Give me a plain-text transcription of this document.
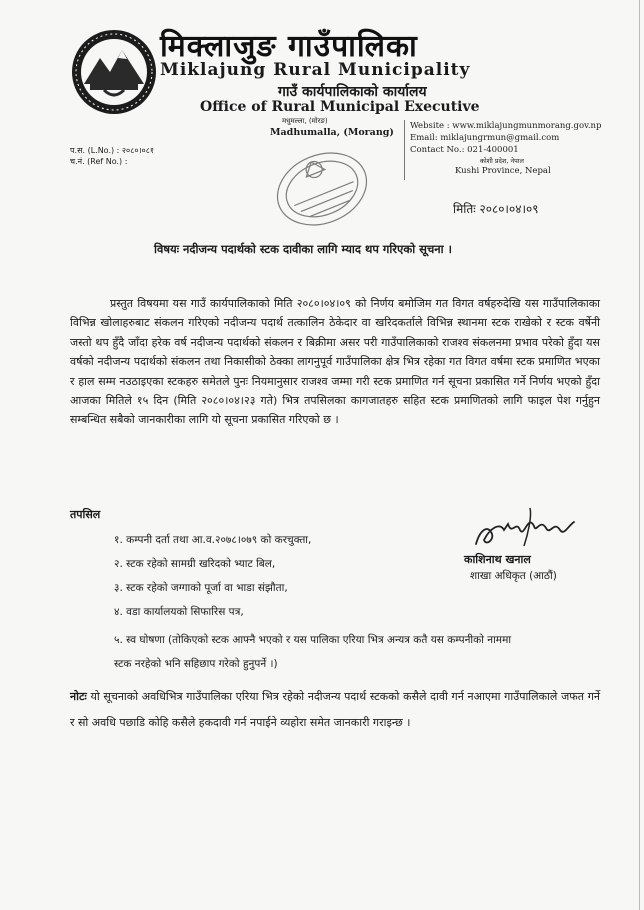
मिक्लाजुङ गाउँपालिका
Miklajung Rural Municipality
गाउँ कार्यपालिकाको कार्यालय
Office of Rural Municipal Executive
मधुमल्ला, (मोरङ)
Madhumalla, (Morang)
Website : www.miklajungmunmorang.gov.np
Email: miklajungrmun@gmail.com
Contact No.: 021-400001
कोशी प्रदेश, नेपाल
Kushi Province, Nepal
प.स. (L.No.) : २०८०।०८१
च.नं. (Ref No.) :
मितिः २०८०।०४।०९
विषयः नदीजन्य पदार्थको स्टक दावीका लागि म्याद थप गरिएको सूचना ।
प्रस्तुत विषयमा यस गाउँ कार्यपालिकाको मिति २०८०।०४।०९ को निर्णय बमोजिम गत विगत वर्षहरुदेखि यस गाउँपालिकाका विभिन्न खोलाहरुबाट संकलन गरिएको नदीजन्य पदार्थ तत्कालिन ठेकेदार वा खरिदकर्ताले विभिन्न स्थानमा स्टक राखेको र स्टक वर्षेनी जस्तो थप हुँदै जाँदा हरेक वर्ष नदीजन्य पदार्थको संकलन र बिक्रीमा असर परी गाउँपालिकाको राजश्व संकलनमा प्रभाव परेको हुँदा यस वर्षको नदीजन्य पदार्थको संकलन तथा निकासीको ठेक्का लागनुपूर्व गाउँपालिका क्षेत्र भित्र रहेका गत विगत वर्षमा स्टक प्रमाणित भएका र हाल सम्म नउठाइएका स्टकहरु समेतले पुनः नियमानुसार राजश्व जम्मा गरी स्टक प्रमाणित गर्न सूचना प्रकासित गर्ने निर्णय भएको हुँदा आजका मितिले १५ दिन (मिति २०८०।०४।२३ गते) भित्र तपसिलका कागजातहरु सहित स्टक प्रमाणितको लागि फाइल पेश गर्नुहुन सम्बन्धित सबैको जानकारीका लागि यो सूचना प्रकासित गरिएको छ ।
तपसिल
१. कम्पनी दर्ता तथा आ.व.२०७८।०७९ को करचुक्ता,
२. स्टक रहेको सामग्री खरिदको भ्याट बिल,
३. स्टक रहेको जग्गाको पूर्जा वा भाडा संझौता,
४. वडा कार्यालयको सिफारिस पत्र,
५. स्व घोषणा (तोकिएको स्टक आफ्नै भएको र यस पालिका एरिया भित्र अन्यत्र कतै यस कम्पनीको नाममा स्टक नरहेको भनि सहिछाप गरेको हुनुपर्ने ।)
काशिनाथ खनाल
शाखा अधिकृत (आठौं)
नोटः यो सूचनाको अवधिभित्र गाउँपालिका एरिया भित्र रहेको नदीजन्य पदार्थ स्टकको कसैले दावी गर्न नआएमा गाउँपालिकाले जफत गर्ने र सो अवधि पछाडि कोहि कसैले हकदावी गर्न नपाईने व्यहोरा समेत जानकारी गराइन्छ ।
